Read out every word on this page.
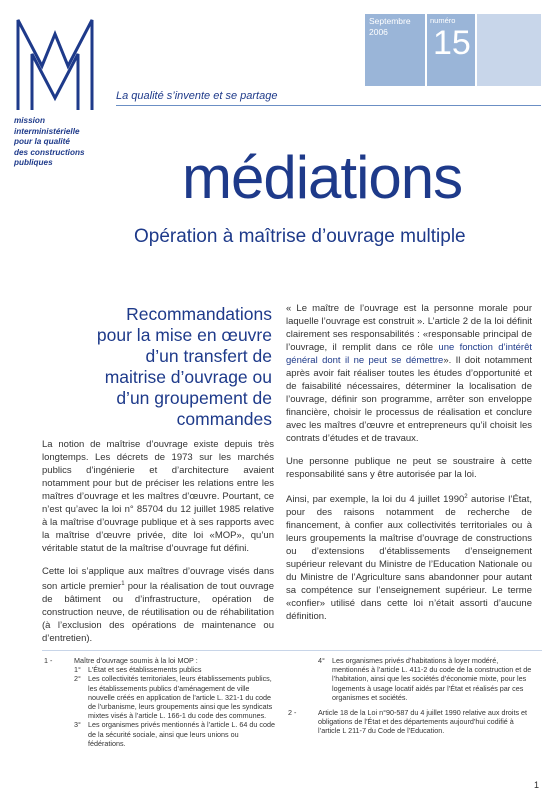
mission
interministérielle
pour la qualité
des constructions
publiques
La qualité s’invente et se partage
Septembre
2006
numéro
15
médiations
Opération à maîtrise d’ouvrage multiple
Recommandations
pour la mise en œuvre
d’un transfert de
maitrise d’ouvrage ou
d’un groupement de
commandes

La notion de maîtrise d’ouvrage existe depuis très longtemps. Les décrets de 1973 sur les marchés publics d’ingénierie et d’architecture avaient notamment pour but de préciser les relations entre les maîtres d’ouvrage et les maîtres d’œuvre. Pourtant, ce n’est qu’avec la loi n° 85704 du 12 juillet 1985 relative à la maîtrise d’ouvrage publique et à ses rapports avec la maîtrise d’œuvre privée, dite loi «MOP», qu’un véritable statut de la maîtrise d’ouvrage fut défini.

Cette loi s’applique aux maîtres d’ouvrage visés dans son article premier$^1$ pour la réalisation de tout ouvrage de bâtiment ou d’infrastructure, opération de construction neuve, de réutilisation ou de réhabilitation (à l’exclusion des opérations de maintenance ou d’entretien).

« Le maître de l’ouvrage est la personne morale pour laquelle l’ouvrage est construit ». L’article 2 de la loi définit clairement ses responsabilités : «responsable principal de l’ouvrage, il remplit dans ce rôle une fonction d’intérêt général dont il ne peut se démettre». Il doit notamment après avoir fait réaliser toutes les études d’opportunité et de faisabilité nécessaires, déterminer la localisation de l’ouvrage, définir son programme, arrêter son enveloppe financière, choisir le processus de réalisation et conclure avec les maîtres d’œuvre et entrepreneurs qu’il choisit les contrats d’études et de travaux.

Une personne publique ne peut se soustraire à cette responsabilité sans y être autorisée par la loi.

Ainsi, par exemple, la loi du 4 juillet 1990$^2$ autorise l’État, pour des raisons notamment de recherche de financement, à confier aux collectivités territoriales ou à leurs groupements la maîtrise d’ouvrage de constructions ou d’extensions d’établissements d’enseignement supérieur relevant du Ministre de l’Education Nationale ou du Ministre de l’Agriculture sans abandonner pour autant sa compétence sur l’enseignement supérieur. Le terme «confier» utilisé dans cette loi n’était assorti d’aucune définition.

1 -	Maître d’ouvrage soumis à la loi MOP :
1° L’État et ses établissements publics
2° Les collectivités territoriales, leurs établissements publics, les établissements publics d’aménagement de ville nouvelle créés en application de l’article L. 321-1 du code de l’urbanisme, leurs groupements ainsi que les syndicats mixtes visés à l’article L. 166-1 du code des communes.
3° Les organismes privés mentionnés à l’article L. 64 du code de la sécurité sociale, ainsi que leurs unions ou fédérations.
4° Les organismes privés d’habitations à loyer modéré, mentionnés à l’article L. 411-2 du code de la construction et de l’habitation, ainsi que les sociétés d’économie mixte, pour les logements à usage locatif aidés par l’État et réalisés par ces organismes et sociétés.
2 -	Article 18 de la Loi n°90-587 du 4 juillet 1990 relative aux droits et obligations de l’État et des départements aujourd’hui codifié à l’article L 211-7 du Code de l’Education.
1
